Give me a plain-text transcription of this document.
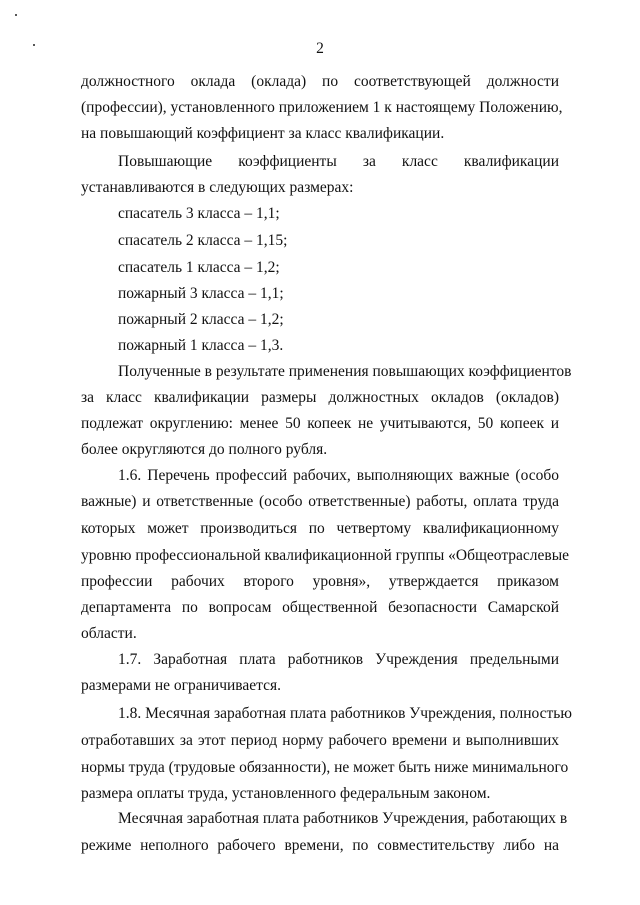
2
должностного оклада (оклада) по соответствующей должности
(профессии), установленного приложением 1 к настоящему Положению,
на повышающий коэффициент за класс квалификации.
Повышающие коэффициенты за класс квалификации
устанавливаются в следующих размерах:
спасатель 3 класса – 1,1;
спасатель 2 класса – 1,15;
спасатель 1 класса – 1,2;
пожарный 3 класса – 1,1;
пожарный 2 класса – 1,2;
пожарный 1 класса – 1,3.
Полученные в результате применения повышающих коэффициентов
за класс квалификации размеры должностных окладов (окладов)
подлежат округлению: менее 50 копеек не учитываются, 50 копеек и
более округляются до полного рубля.
1.6. Перечень профессий рабочих, выполняющих важные (особо
важные) и ответственные (особо ответственные) работы, оплата труда
которых может производиться по четвертому квалификационному
уровню профессиональной квалификационной группы «Общеотраслевые
профессии рабочих второго уровня», утверждается приказом
департамента по вопросам общественной безопасности Самарской
области.
1.7. Заработная плата работников Учреждения предельными
размерами не ограничивается.
1.8. Месячная заработная плата работников Учреждения, полностью
отработавших за этот период норму рабочего времени и выполнивших
нормы труда (трудовые обязанности), не может быть ниже минимального
размера оплаты труда, установленного федеральным законом.
Месячная заработная плата работников Учреждения, работающих в
режиме неполного рабочего времени, по совместительству либо на
